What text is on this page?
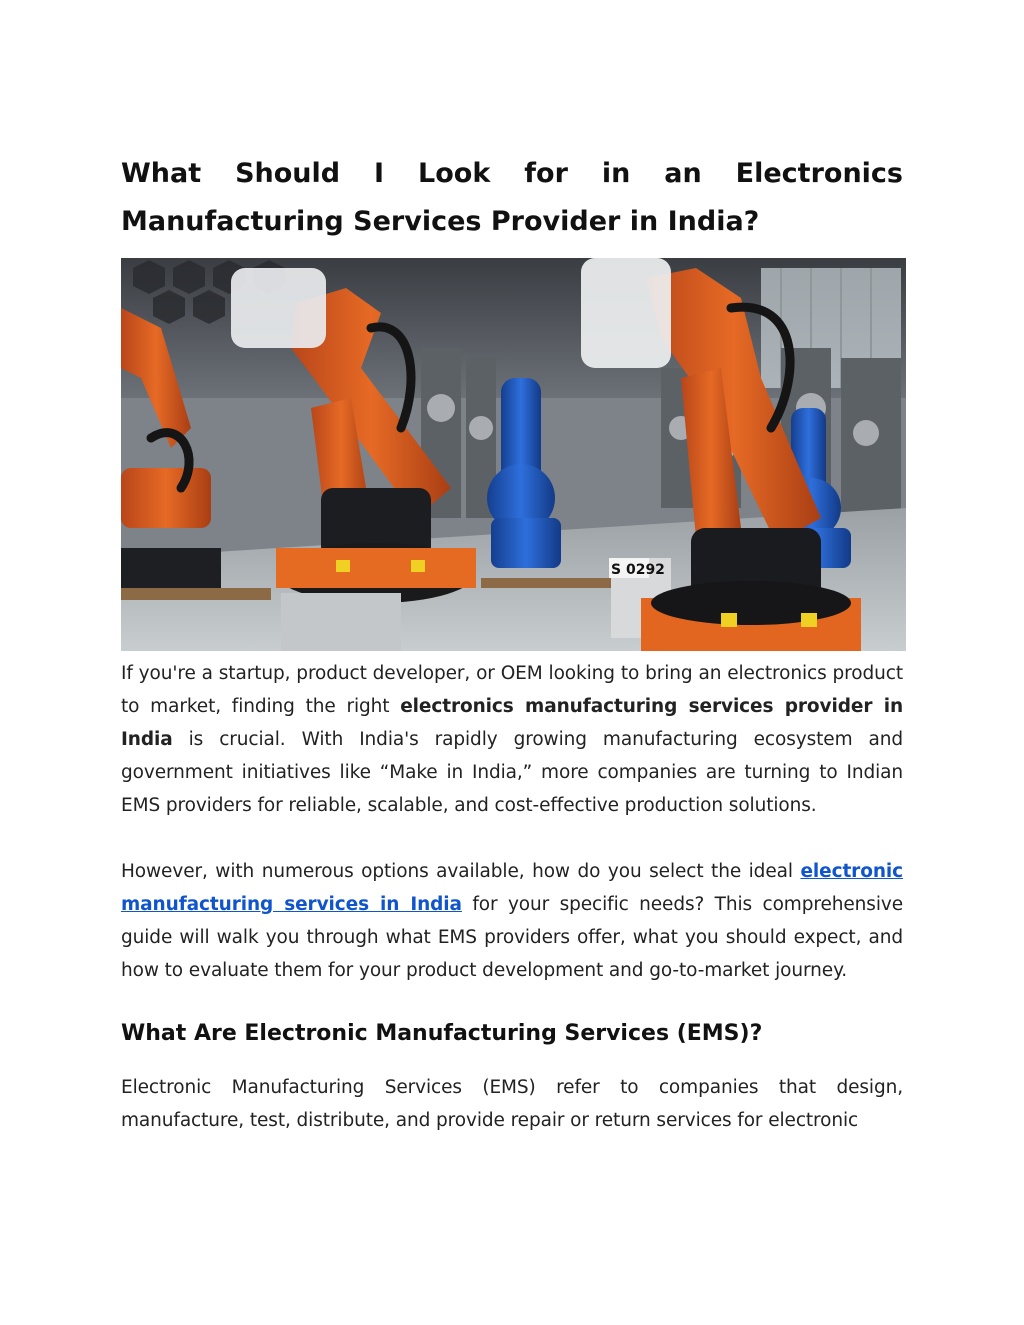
What Should I Look for in an Electronics Manufacturing Services Provider in India?
S 0292

If you're a startup, product developer, or OEM looking to bring an electronics product to market, finding the right electronics manufacturing services provider in India is crucial. With India's rapidly growing manufacturing ecosystem and government initiatives like “Make in India,” more companies are turning to Indian EMS providers for reliable, scalable, and cost-effective production solutions.

However, with numerous options available, how do you select the ideal electronic manufacturing services in India for your specific needs? This comprehensive guide will walk you through what EMS providers offer, what you should expect, and how to evaluate them for your product development and go-to-market journey.

What Are Electronic Manufacturing Services (EMS)?

Electronic Manufacturing Services (EMS) refer to companies that design, manufacture, test, distribute, and provide repair or return services for electronic
